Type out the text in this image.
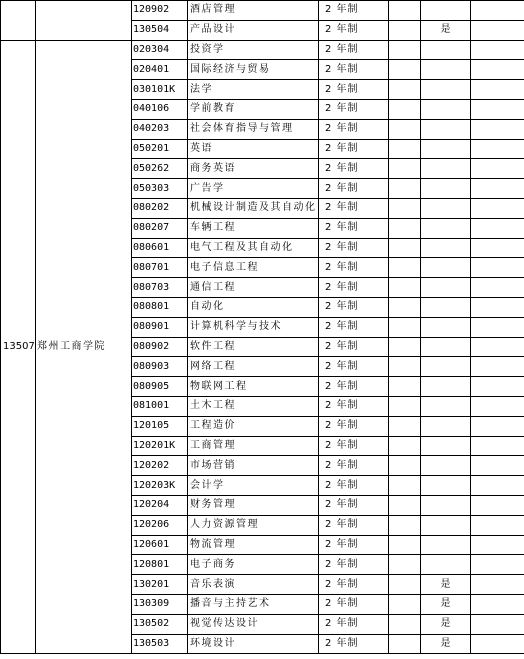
		120902	酒店管理	2 年制			
		130504	产品设计	2 年制		是	
13507	郑州工商学院	020304	投资学	2 年制			
		020401	国际经济与贸易	2 年制			
		030101K	法学	2 年制			
		040106	学前教育	2 年制			
		040203	社会体育指导与管理	2 年制			
		050201	英语	2 年制			
		050262	商务英语	2 年制			
		050303	广告学	2 年制			
		080202	机械设计制造及其自动化	2 年制			
		080207	车辆工程	2 年制			
		080601	电气工程及其自动化	2 年制			
		080701	电子信息工程	2 年制			
		080703	通信工程	2 年制			
		080801	自动化	2 年制			
		080901	计算机科学与技术	2 年制			
		080902	软件工程	2 年制			
		080903	网络工程	2 年制			
		080905	物联网工程	2 年制			
		081001	土木工程	2 年制			
		120105	工程造价	2 年制			
		120201K	工商管理	2 年制			
		120202	市场营销	2 年制			
		120203K	会计学	2 年制			
		120204	财务管理	2 年制			
		120206	人力资源管理	2 年制			
		120601	物流管理	2 年制			
		120801	电子商务	2 年制			
		130201	音乐表演	2 年制		是	
		130309	播音与主持艺术	2 年制		是	
		130502	视觉传达设计	2 年制		是	
		130503	环境设计	2 年制		是	
